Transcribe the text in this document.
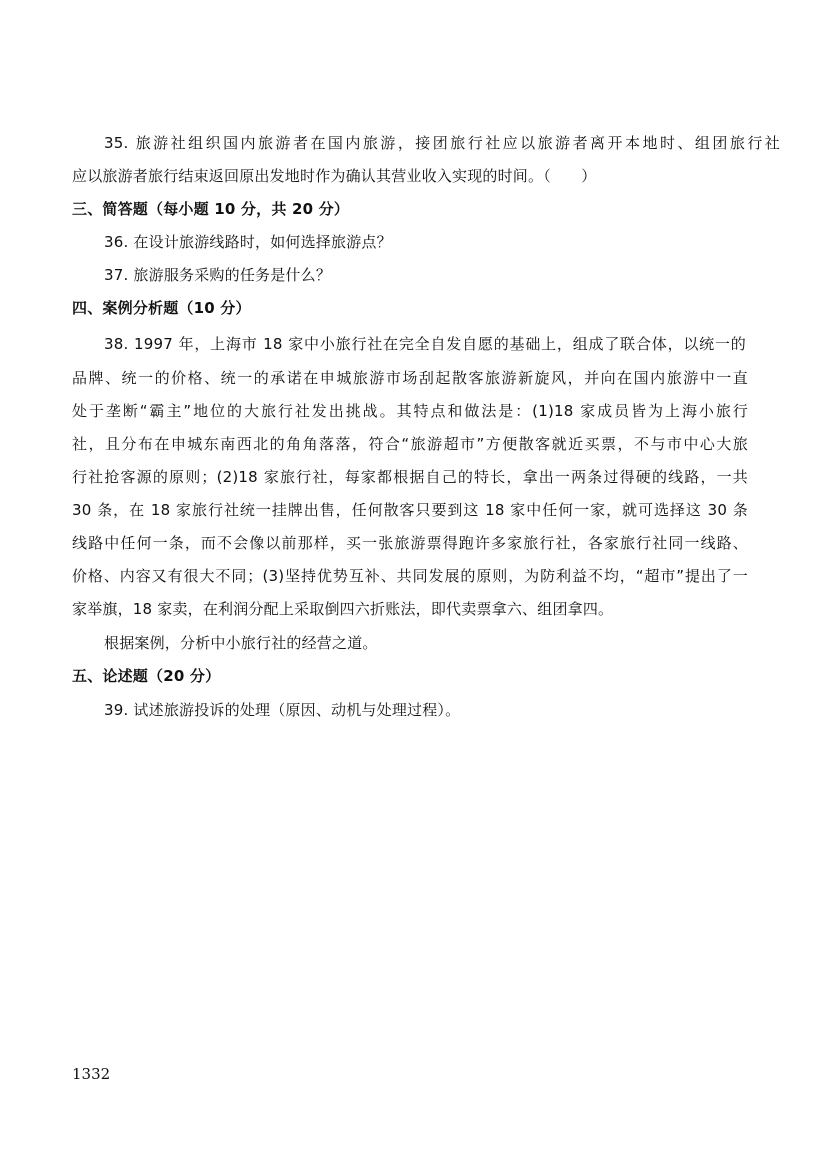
35. 旅游社组织国内旅游者在国内旅游，接团旅行社应以旅游者离开本地时、组团旅行社
应以旅游者旅行结束返回原出发地时作为确认其营业收入实现的时间。（　　）
三、简答题（每小题 10 分，共 20 分）
36. 在设计旅游线路时，如何选择旅游点？
37. 旅游服务采购的任务是什么？
四、案例分析题（10 分）
38. 1997 年，上海市 18 家中小旅行社在完全自发自愿的基础上，组成了联合体，以统一的
品牌、统一的价格、统一的承诺在申城旅游市场刮起散客旅游新旋风，并向在国内旅游中一直
处于垄断“霸主”地位的大旅行社发出挑战。其特点和做法是：(1)18 家成员皆为上海小旅行
社，且分布在申城东南西北的角角落落，符合“旅游超市”方便散客就近买票，不与市中心大旅
行社抢客源的原则；(2)18 家旅行社，每家都根据自己的特长，拿出一两条过得硬的线路，一共
30 条，在 18 家旅行社统一挂牌出售，任何散客只要到这 18 家中任何一家，就可选择这 30 条
线路中任何一条，而不会像以前那样，买一张旅游票得跑许多家旅行社，各家旅行社同一线路、
价格、内容又有很大不同；(3)坚持优势互补、共同发展的原则，为防利益不均，“超市”提出了一
家举旗，18 家卖，在利润分配上采取倒四六折账法，即代卖票拿六、组团拿四。
根据案例，分析中小旅行社的经营之道。
五、论述题（20 分）
39. 试述旅游投诉的处理（原因、动机与处理过程）。
1332
